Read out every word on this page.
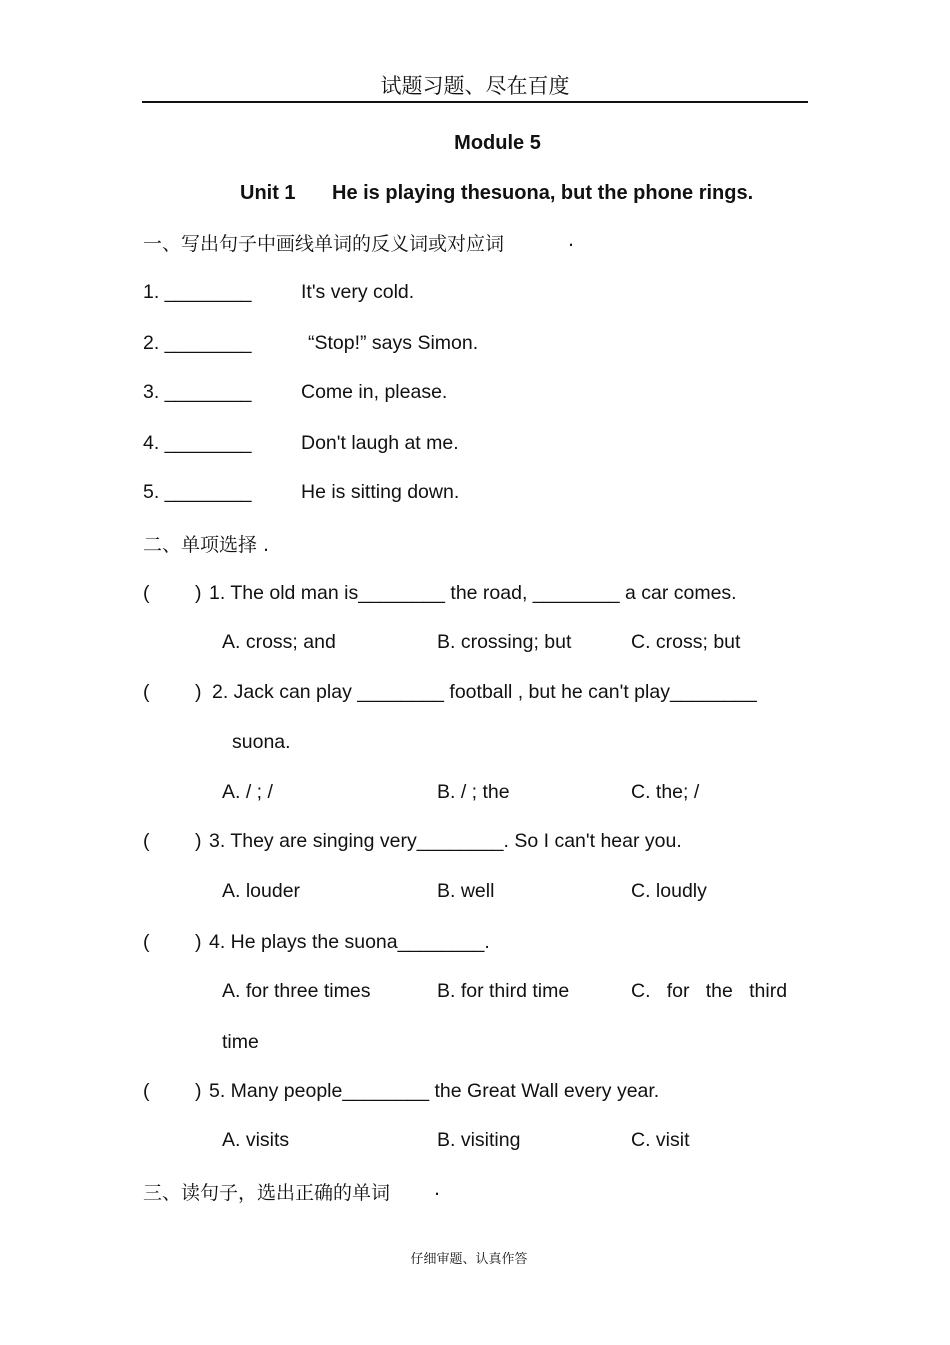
试题习题、尽在百度
Module 5
Unit 1 He is playing thesuona, but the phone rings.
一、写出句子中画线单词的反义词或对应词	.
1. ________	It's very cold.
2. ________	“Stop!” says Simon.
3. ________	Come in, please.
4. ________	Don't laugh at me.
5. ________	He is sitting down.
二、单项选择 .
( ) 1. The old man is________ the road, ________ a car comes.
A. cross; and	B. crossing; but	C. cross; but
( ) 2. Jack can play ________ football , but he can't play________
suona.
A. / ; /	B. / ; the	C. the; /
( ) 3. They are singing very________. So I can't hear you.
A. louder	B. well	C. loudly
( ) 4. He plays the suona________.
A. for three times	B. for third time	C.   for   the   third
time
( ) 5. Many people________ the Great Wall every year.
A. visits	B. visiting	C. visit
三、读句子，选出正确的单词 .
仔细审题、认真作答
